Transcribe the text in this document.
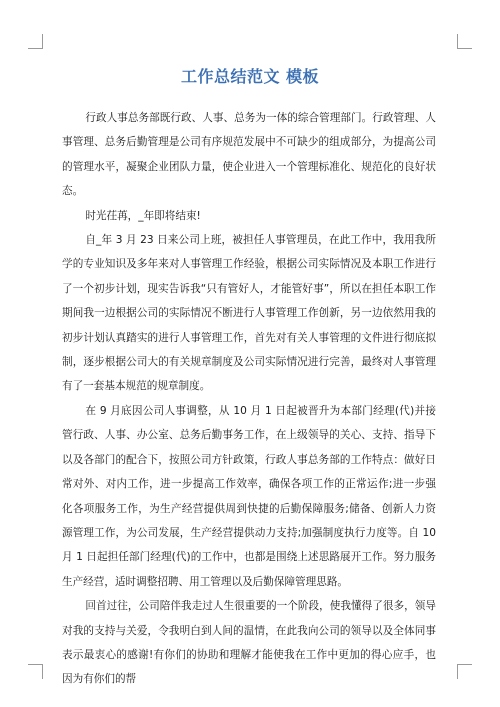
工作总结范文 模板

行政人事总务部既行政、人事、总务为一体的综合管理部门。行政管理、人事管理、总务后勤管理是公司有序规范发展中不可缺少的组成部分，为提高公司的管理水平，凝聚企业团队力量，使企业进入一个管理标准化、规范化的良好状态。

时光茌苒，_年即将结束!

自_年 3 月 23 日来公司上班，被担任人事管理员，在此工作中，我用我所学的专业知识及多年来对人事管理工作经验，根据公司实际情况及本职工作进行了一个初步计划，现实告诉我“只有管好人，才能管好事”，所以在担任本职工作期间我一边根据公司的实际情况不断进行人事管理工作创新，另一边依然用我的初步计划认真踏实的进行人事管理工作，首先对有关人事管理的文件进行彻底拟制，逐步根据公司大的有关规章制度及公司实际情况进行完善，最终对人事管理有了一套基本规范的规章制度。

在 9 月底因公司人事调整，从 10 月 1 日起被晋升为本部门经理(代)并接管行政、人事、办公室、总务后勤事务工作，在上级领导的关心、支持、指导下以及各部门的配合下，按照公司方针政策，行政人事总务部的工作特点：做好日常对外、对内工作，进一步提高工作效率，确保各项工作的正常运作;进一步强化各项服务工作，为生产经营提供周到快捷的后勤保障服务;储备、创新人力资源管理工作，为公司发展，生产经营提供动力支持;加强制度执行力度等。自 10 月 1 日起担任部门经理(代)的工作中，也都是围绕上述思路展开工作。努力服务生产经营，适时调整招聘、用工管理以及后勤保障管理思路。

回首过往，公司陪伴我走过人生很重要的一个阶段，使我懂得了很多，领导对我的支持与关爱，令我明白到人间的温情，在此我向公司的领导以及全体同事表示最衷心的感谢!有你们的协助和理解才能使我在工作中更加的得心应手，也因为有你们的帮
